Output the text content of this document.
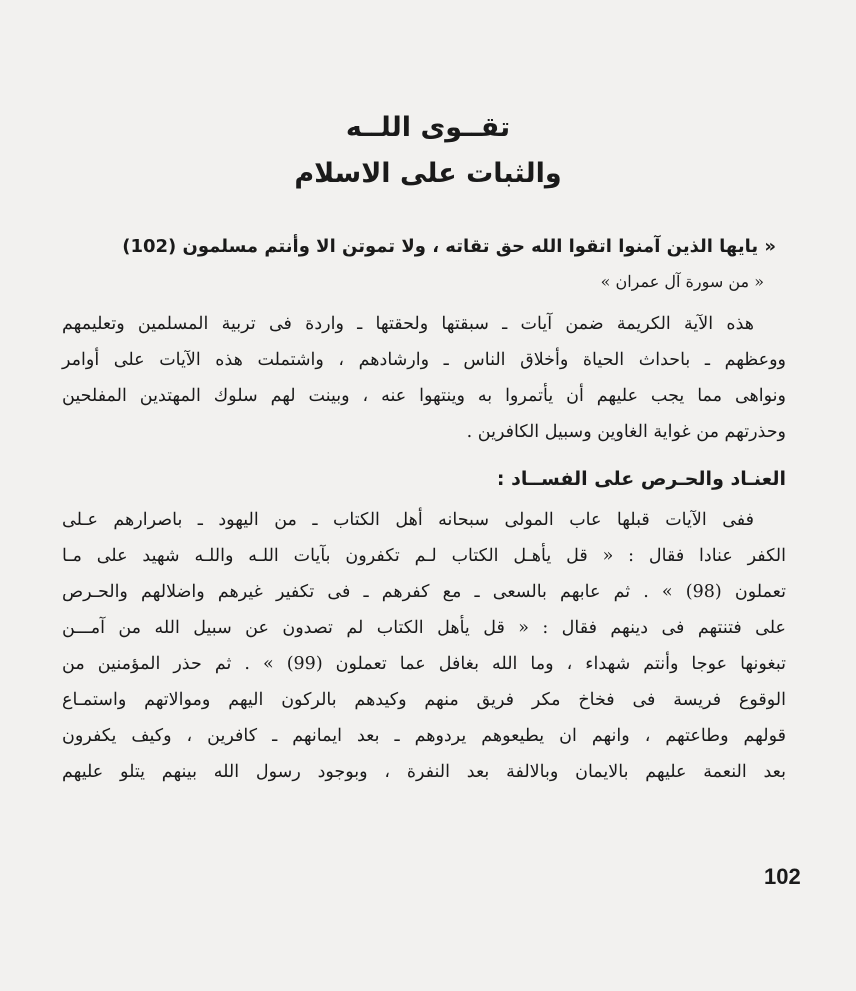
تقــوى اللــه
والثبات على الاسلام
« يايها الذين آمنوا اتقوا الله حق تقاته ، ولا تموتن الا وأنتم مسلمون (102)
« من سورة آل عمران »
هذه الآية الكريمة ضمن آيات ـ سبقتها ولحقتها ـ واردة فى تربية المسلمين وتعليمهم
ووعظهم ـ باحداث الحياة وأخلاق الناس ـ وارشادهم ، واشتملت هذه الآيات على أوامر
ونواهى مما يجب عليهم أن يأتمروا به وينتهوا عنه ، وبينت لهم سلوك المهتدين المفلحين
وحذرتهم من غواية الغاوين وسبيل الكافرين .
العنـاد والحـرص على الفســاد :
ففى الآيات قبلها عاب المولى سبحانه أهل الكتاب ـ من اليهود ـ باصرارهم عـلى
الكفر عنادا فقال : « قل يأهـل الكتاب لـم تكفرون بآيات اللـه واللـه شهيد على مـا
تعملون (98) » . ثم عابهم بالسعى ـ مع كفرهم ـ فى تكفير غيرهم واضلالهم والحـرص
على فتنتهم فى دينهم فقال : « قل يأهل الكتاب لم تصدون عن سبيل الله من آمـــن
تبغونها عوجا وأنتم شهداء ، وما الله بغافل عما تعملون (99) » . ثم حذر المؤمنين من
الوقوع فريسة فى فخاخ مكر فريق منهم وكيدهم بالركون اليهم وموالاتهم واستمـاع
قولهم وطاعتهم ، وانهم ان يطيعوهم يردوهم ـ بعد ايمانهم ـ كافرين ، وكيف يكفرون
بعد النعمة عليهم بالايمان وبالالفة بعد النفرة ، وبوجود رسول الله بينهم يتلو عليهم
102
